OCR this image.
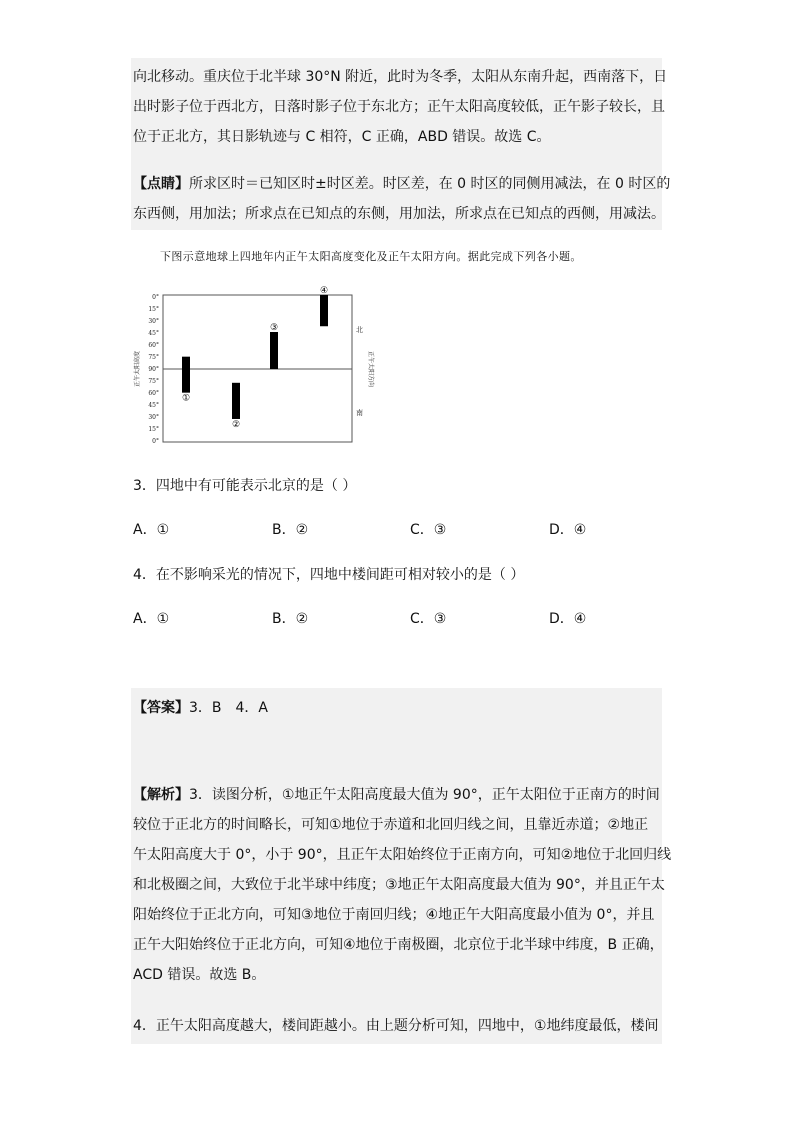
向北移动。重庆位于北半球 30°N 附近，此时为冬季，太阳从东南升起，西南落下，日
出时影子位于西北方，日落时影子位于东北方；正午太阳高度较低，正午影子较长，且
位于正北方，其日影轨迹与 C 相符，C 正确，ABD 错误。故选 C。
【点睛】所求区时＝已知区时±时区差。时区差，在 0 时区的同侧用减法，在 0 时区的
东西侧，用加法；所求点在已知点的东侧，用加法，所求点在已知点的西侧，用减法。
下图示意地球上四地年内正午太阳高度变化及正午太阳方向。据此完成下列各小题。
0°
15°
30°
45°
60°
75°
90°
75°
60°
45°
30°
15°
0°
正午太阳高度	正午太阳方向
北
南
①
②
③
④
3．四地中有可能表示北京的是（ ）
A．①	B．②	C．③	D．④
4．在不影响采光的情况下，四地中楼间距可相对较小的是（ ）
A．①	B．②	C．③	D．④
【答案】3．B　4．A
【解析】3．读图分析，①地正午太阳高度最大值为 90°，正午太阳位于正南方的时间
较位于正北方的时间略长，可知①地位于赤道和北回归线之间，且靠近赤道；②地正
午太阳高度大于 0°，小于 90°，且正午太阳始终位于正南方向，可知②地位于北回归线
和北极圈之间，大致位于北半球中纬度；③地正午太阳高度最大值为 90°，并且正午太
阳始终位于正北方向，可知③地位于南回归线；④地正午大阳高度最小值为 0°，并且
正午大阳始终位于正北方向，可知④地位于南极圈，北京位于北半球中纬度，B 正确，
ACD 错误。故选 B。
4．正午太阳高度越大，楼间距越小。由上题分析可知，四地中，①地纬度最低，楼间
